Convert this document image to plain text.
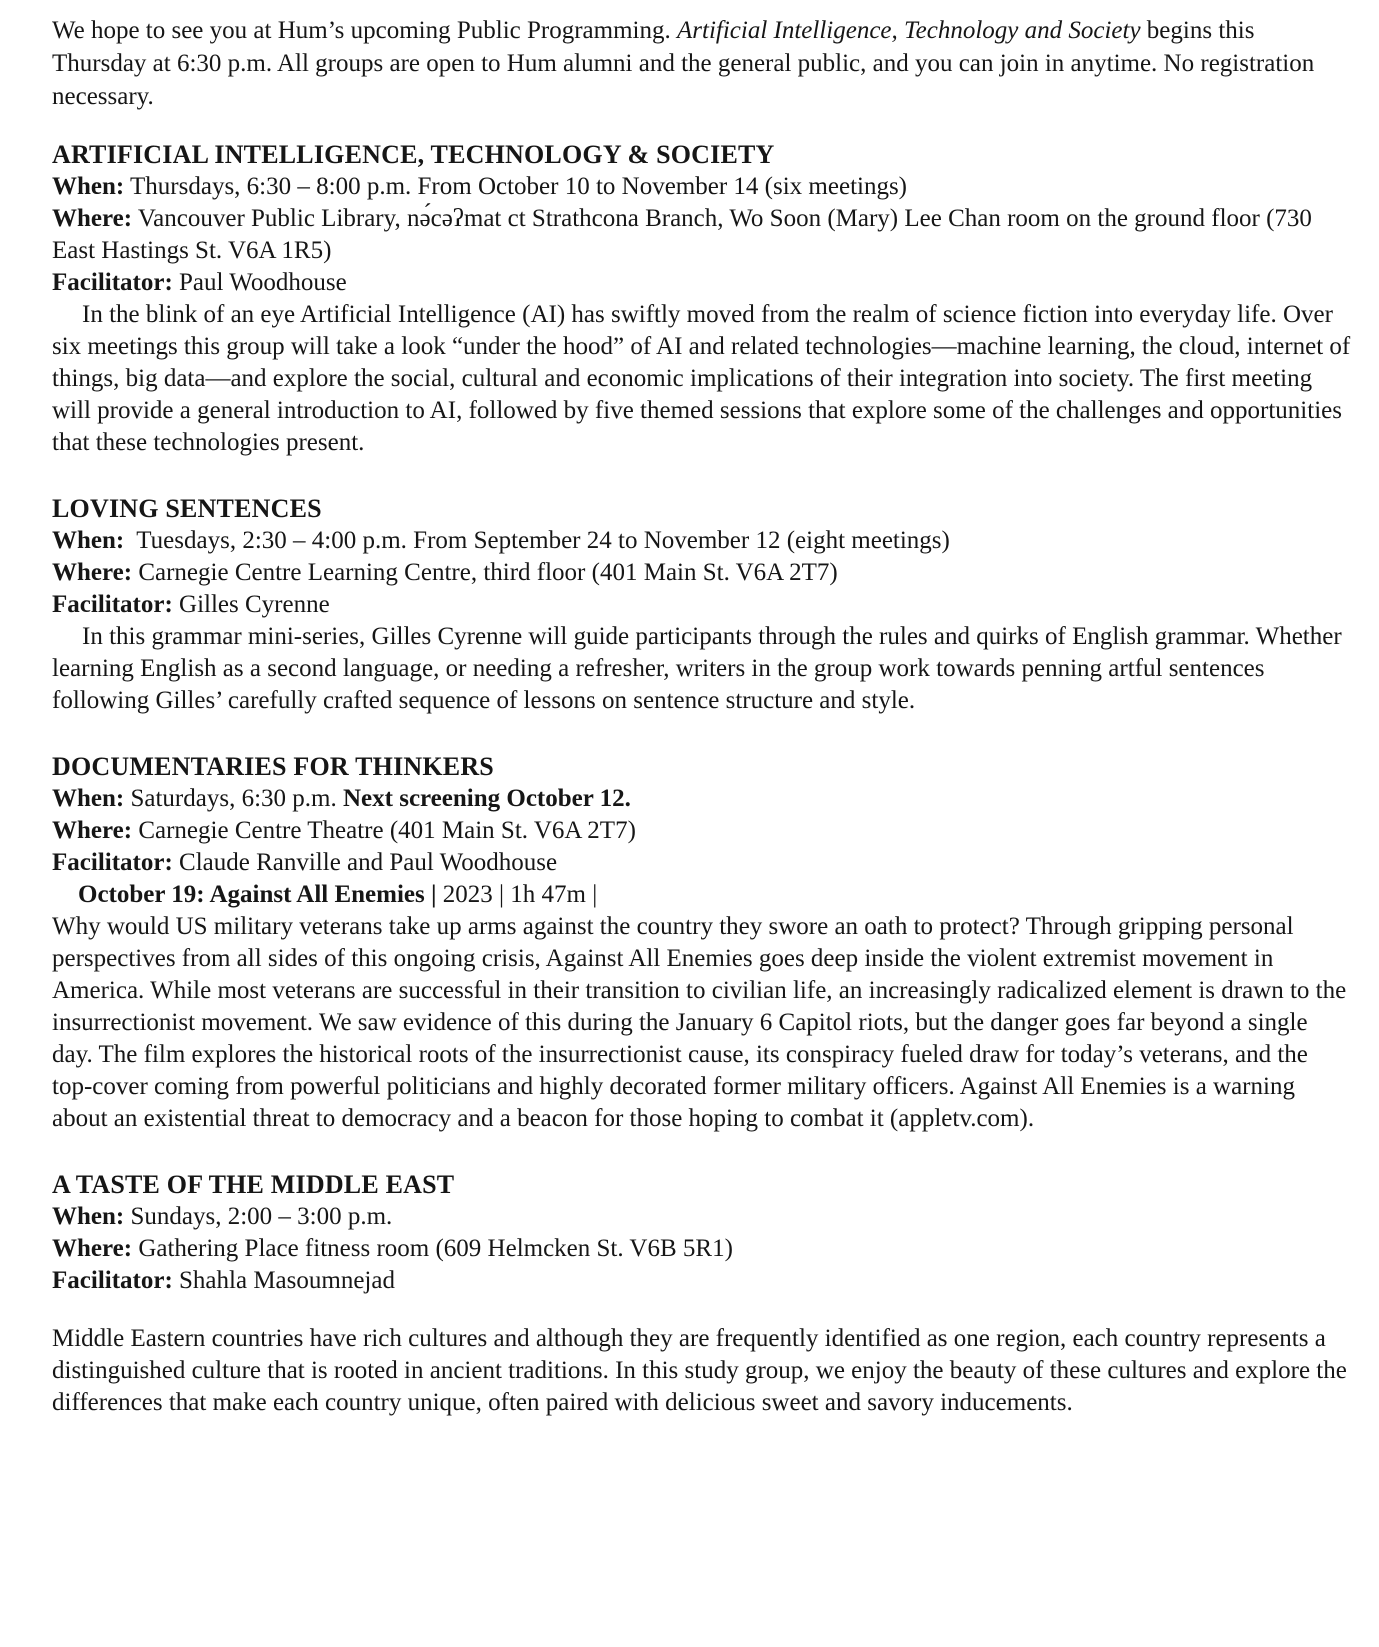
We hope to see you at Hum’s upcoming Public Programming. Artificial Intelligence, Technology and Society begins this Thursday at 6:30 p.m. All groups are open to Hum alumni and the general public, and you can join in anytime. No registration necessary.

ARTIFICIAL INTELLIGENCE, TECHNOLOGY & SOCIETY

When: Thursdays, 6:30 – 8:00 p.m. From October 10 to November 14 (six meetings)

Where: Vancouver Public Library, nə́cəʔmat ct Strathcona Branch, Wo Soon (Mary) Lee Chan room on the ground floor (730 East Hastings St. V6A 1R5)

Facilitator: Paul Woodhouse

In the blink of an eye Artificial Intelligence (AI) has swiftly moved from the realm of science fiction into everyday life. Over six meetings this group will take a look “under the hood” of AI and related technologies—machine learning, the cloud, internet of things, big data—and explore the social, cultural and economic implications of their integration into society. The first meeting will provide a general introduction to AI, followed by five themed sessions that explore some of the challenges and opportunities that these technologies present.

LOVING SENTENCES

When:  Tuesdays, 2:30 – 4:00 p.m. From September 24 to November 12 (eight meetings)

Where: Carnegie Centre Learning Centre, third floor (401 Main St. V6A 2T7)

Facilitator: Gilles Cyrenne

In this grammar mini-series, Gilles Cyrenne will guide participants through the rules and quirks of English grammar. Whether learning English as a second language, or needing a refresher, writers in the group work towards penning artful sentences following Gilles’ carefully crafted sequence of lessons on sentence structure and style.

DOCUMENTARIES FOR THINKERS

When: Saturdays, 6:30 p.m. Next screening October 12.

Where: Carnegie Centre Theatre (401 Main St. V6A 2T7)

Facilitator: Claude Ranville and Paul Woodhouse

October 19: Against All Enemies | 2023 | 1h 47m |

Why would US military veterans take up arms against the country they swore an oath to protect? Through gripping personal perspectives from all sides of this ongoing crisis, Against All Enemies goes deep inside the violent extremist movement in America. While most veterans are successful in their transition to civilian life, an increasingly radicalized element is drawn to the insurrectionist movement. We saw evidence of this during the January 6 Capitol riots, but the danger goes far beyond a single day. The film explores the historical roots of the insurrectionist cause, its conspiracy fueled draw for today’s veterans, and the top-cover coming from powerful politicians and highly decorated former military officers. Against All Enemies is a warning about an existential threat to democracy and a beacon for those hoping to combat it (appletv.com).

A TASTE OF THE MIDDLE EAST

When: Sundays, 2:00 – 3:00 p.m.

Where: Gathering Place fitness room (609 Helmcken St. V6B 5R1)

Facilitator: Shahla Masoumnejad

Middle Eastern countries have rich cultures and although they are frequently identified as one region, each country represents a distinguished culture that is rooted in ancient traditions. In this study group, we enjoy the beauty of these cultures and explore the differences that make each country unique, often paired with delicious sweet and savory inducements.
